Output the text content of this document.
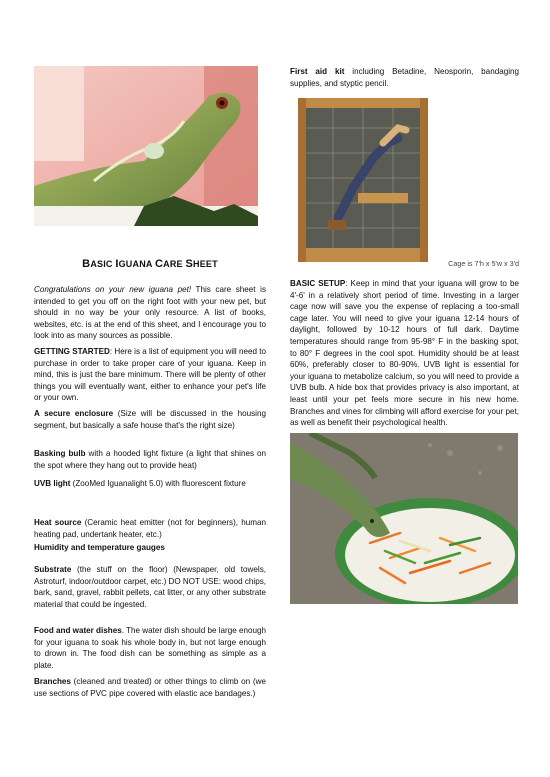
BASIC IGUANA CARE SHEET

Congratulations on your new iguana pet! This care sheet is intended to get you off on the right foot with your new pet, but should in no way be your only resource. A list of books, websites, etc. is at the end of this sheet, and I encourage you to look into as many sources as possible.

GETTING STARTED: Here is a list of equipment you will need to purchase in order to take proper care of your iguana. Keep in mind, this is just the bare minimum. There will be plenty of other things you will eventually want, either to enhance your pet's life or your own.

A secure enclosure (Size will be discussed in the housing segment, but basically a safe house that's the right size)

Basking bulb with a hooded light fixture (a light that shines on the spot where they hang out to provide heat)

UVB light (ZooMed Iguanalight 5.0) with fluorescent fixture

Heat source (Ceramic heat emitter (not for beginners), human heating pad, undertank heater, etc.)

Humidity and temperature gauges

Substrate (the stuff on the floor) (Newspaper, old towels, Astroturf, indoor/outdoor carpet, etc.) DO NOT USE: wood chips, bark, sand, gravel, rabbit pellets, cat litter, or any other substrate material that could be ingested.

Food and water dishes. The water dish should be large enough for your iguana to soak his whole body in, but not large enough to drown in. The food dish can be something as simple as a plate.

Branches (cleaned and treated) or other things to climb on (we use sections of PVC pipe covered with elastic ace bandages.)

First aid kit including Betadine, Neosporin, bandaging supplies, and styptic pencil.

Cage is 7'h x 5'w x 3'd

BASIC SETUP: Keep in mind that your iguana will grow to be 4'-6' in a relatively short period of time. Investing in a larger cage now will save you the expense of replacing a too-small cage later. You will need to give your iguana 12-14 hours of daylight, followed by 10-12 hours of full dark. Daytime temperatures should range from 95-98° F in the basking spot, to 80° F degrees in the cool spot. Humidity should be at least 60%, preferably closer to 80-90%. UVB light is essential for your iguana to metabolize calcium, so you will need to provide a UVB bulb. A hide box that provides privacy is also important, at least until your pet feels more secure in his new home. Branches and vines for climbing will afford exercise for your pet, as well as benefit their psychological health.
